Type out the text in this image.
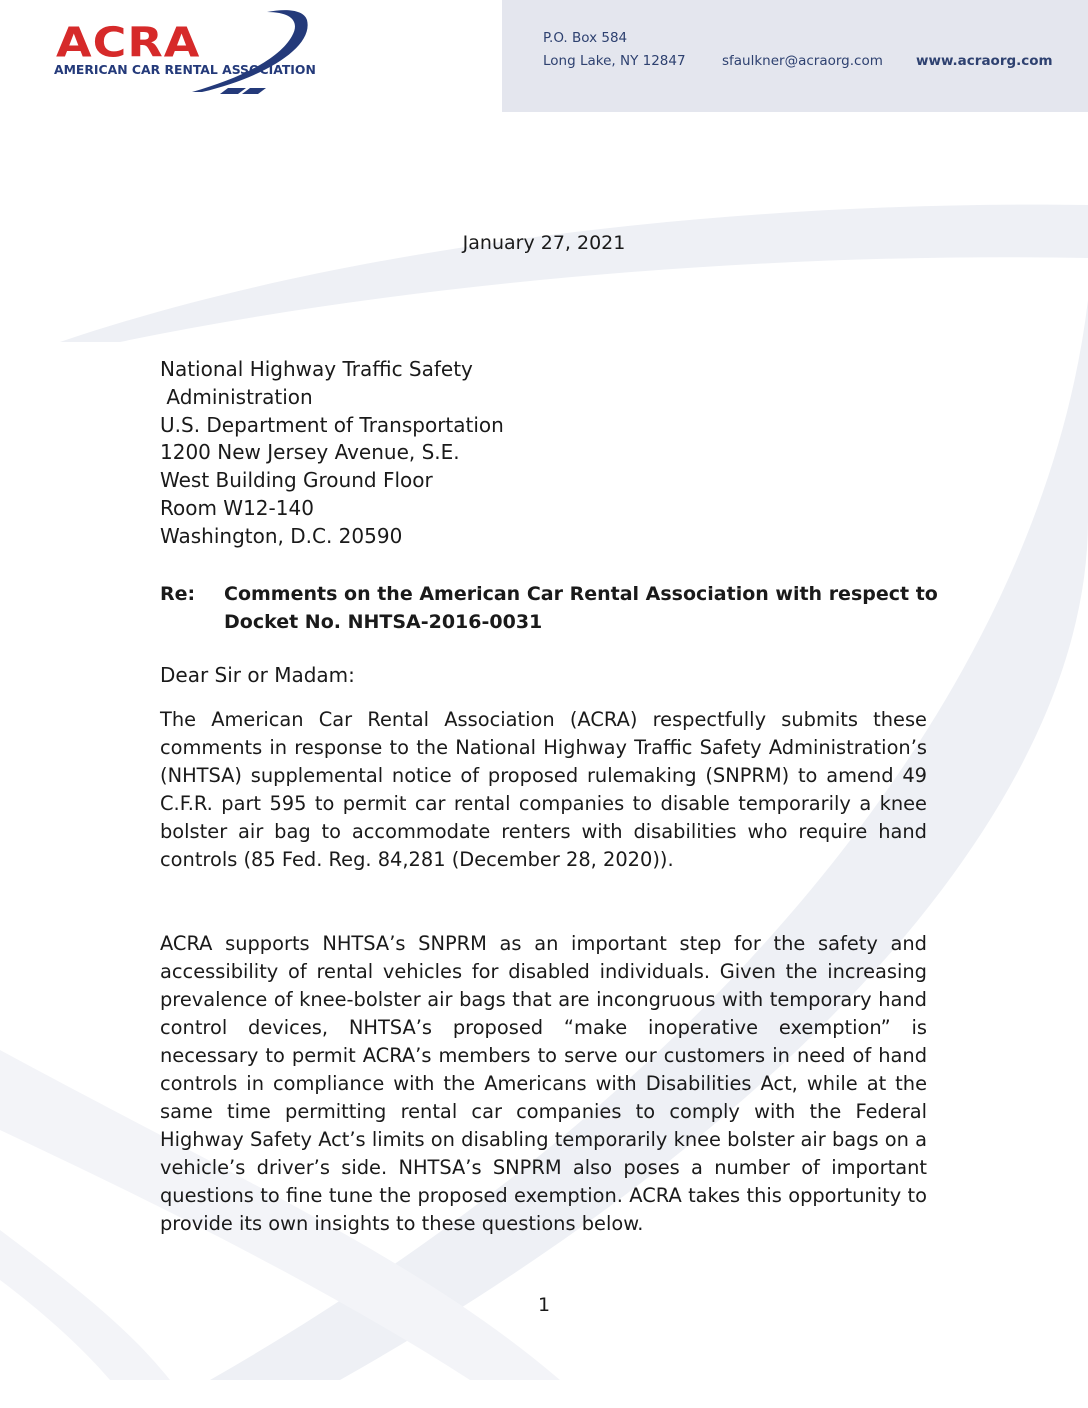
ACRA
AMERICAN CAR RENTAL ASSOCIATION
P.O. Box 584
Long Lake, NY 12847	sfaulkner@acraorg.com www.acraorg.com
January 27, 2021
National Highway Traffic Safety
Administration
U.S. Department of Transportation
1200 New Jersey Avenue, S.E.
West Building Ground Floor
Room W12-140
Washington, D.C. 20590
Re: Comments on the American Car Rental Association with respect to Docket No. NHTSA-2016-0031
Dear Sir or Madam:
The American Car Rental Association (ACRA) respectfully submits these comments in response to the National Highway Traffic Safety Administration’s (NHTSA) supplemental notice of proposed rulemaking (SNPRM) to amend 49 C.F.R. part 595 to permit car rental companies to disable temporarily a knee bolster air bag to accommodate renters with disabilities who require hand controls (85 Fed. Reg. 84,281 (December 28, 2020)).
ACRA supports NHTSA’s SNPRM as an important step for the safety and accessibility of rental vehicles for disabled individuals. Given the increasing prevalence of knee-bolster air bags that are incongruous with temporary hand control devices, NHTSA’s proposed “make inoperative exemption” is necessary to permit ACRA’s members to serve our customers in need of hand controls in compliance with the Americans with Disabilities Act, while at the same time permitting rental car companies to comply with the Federal Highway Safety Act’s limits on disabling temporarily knee bolster air bags on a vehicle’s driver’s side. NHTSA’s SNPRM also poses a number of important questions to fine tune the proposed exemption. ACRA takes this opportunity to provide its own insights to these questions below.
1
